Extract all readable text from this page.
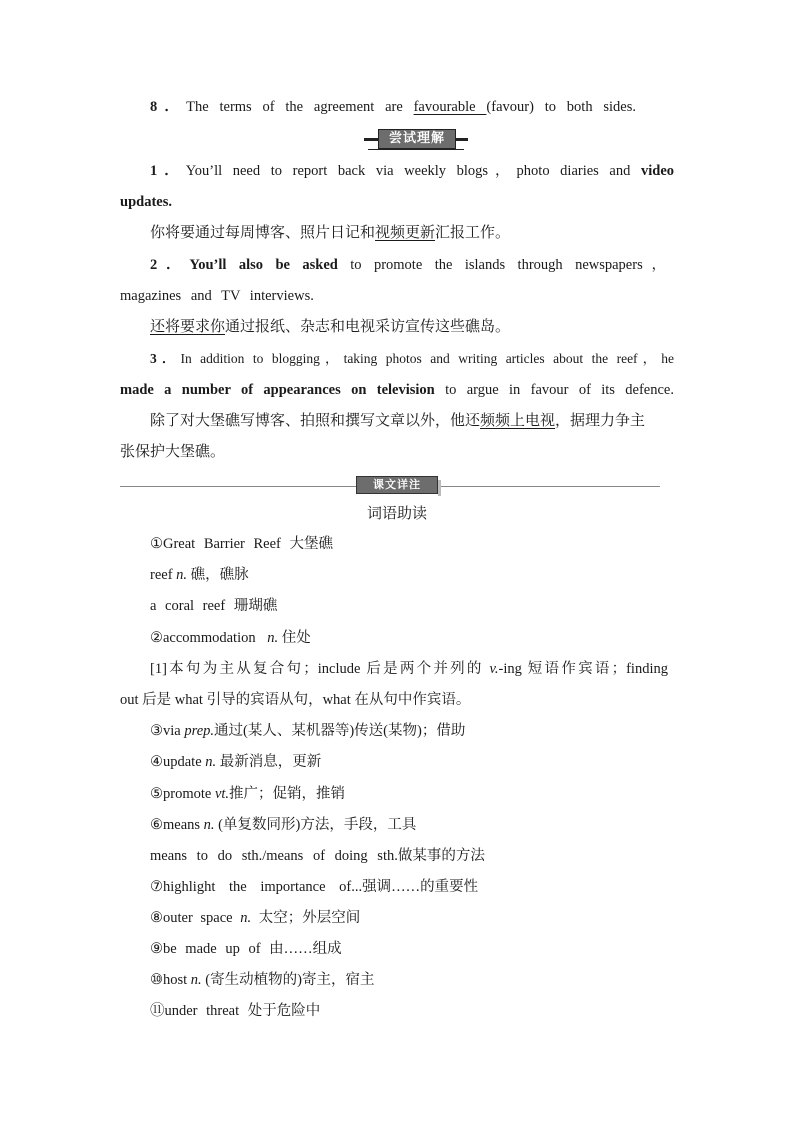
8．The terms of the agreement are favourable (favour) to both sides.
尝试理解
1．You’ll need to report back via weekly blogs，photo diaries and video
updates.
你将要通过每周博客、照片日记和视频更新汇报工作。
2．You’ll also be asked to promote the islands through newspapers，
magazines and TV interviews.
还将要求你通过报纸、杂志和电视采访宣传这些礁岛。
3．In addition to blogging，taking photos and writing articles about the reef，he
made a number of appearances on television to argue in favour of its defence.
除了对大堡礁写博客、拍照和撰写文章以外，他还频频上电视，据理力争主
张保护大堡礁。
课文详注
词语助读
①Great Barrier Reef 大堡礁
reef n. 礁，礁脉
a coral reef 珊瑚礁
②accommodation n. 住处
[1]本句为主从复合句；include 后是两个并列的 v.-ing 短语作宾语；finding
out 后是 what 引导的宾语从句，what 在从句中作宾语。
③via prep.通过(某人、某机器等)传送(某物)；借助
④update n. 最新消息，更新
⑤promote vt.推广；促销，推销
⑥means n. (单复数同形)方法，手段，工具
means to do sth./means of doing sth.做某事的方法
⑦highlight the importance of...强调……的重要性
⑧outer space n. 太空；外层空间
⑨be made up of 由……组成
⑩host n. (寄生动植物的)寄主，宿主
⑪under threat 处于危险中
